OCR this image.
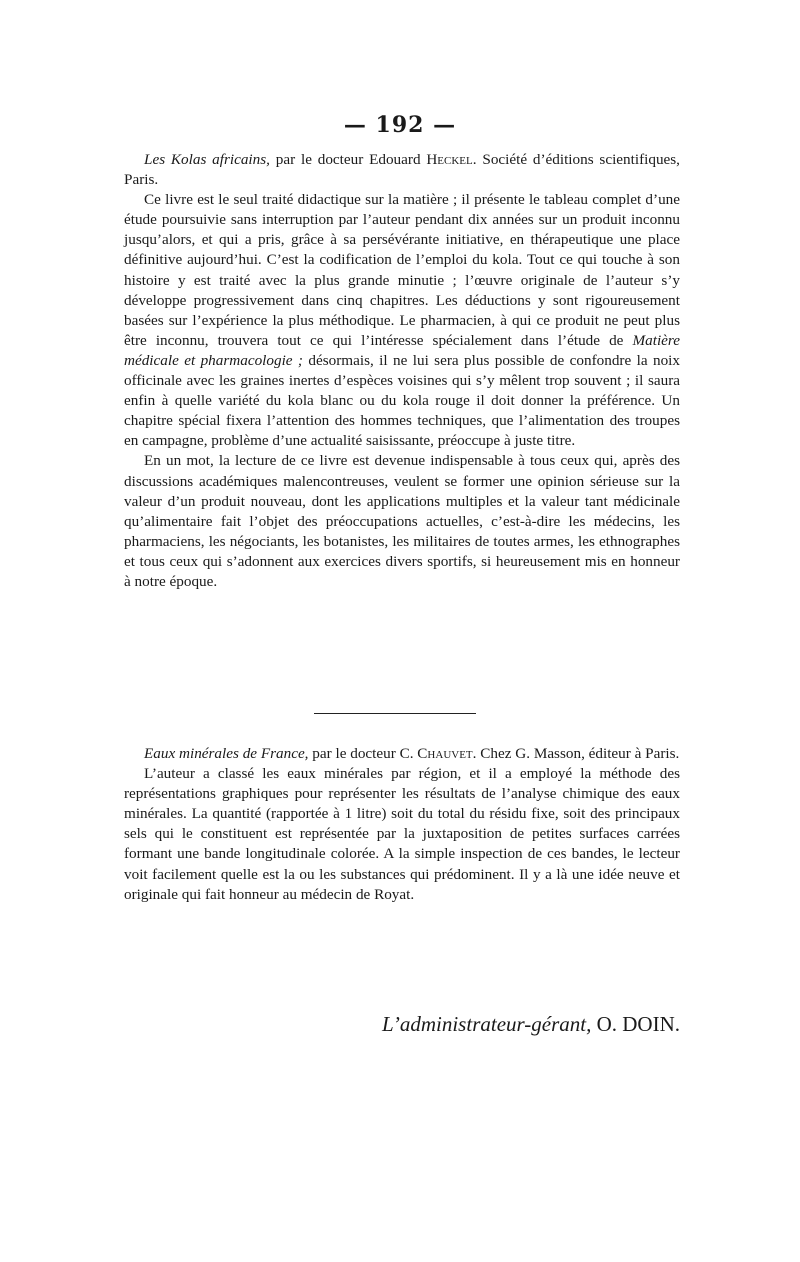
— 192 —

Les Kolas africains, par le docteur Edouard Heckel. Société d’éditions scientifiques, Paris.

Ce livre est le seul traité didactique sur la matière ; il présente le tableau complet d’une étude poursuivie sans interruption par l’auteur pendant dix années sur un produit inconnu jusqu’alors, et qui a pris, grâce à sa persévérante initiative, en thérapeutique une place définitive aujourd’hui. C’est la codification de l’emploi du kola. Tout ce qui touche à son histoire y est traité avec la plus grande minutie ; l’œuvre originale de l’auteur s’y développe progressivement dans cinq chapitres. Les déductions y sont rigoureusement basées sur l’expérience la plus méthodique. Le pharmacien, à qui ce produit ne peut plus être inconnu, trouvera tout ce qui l’intéresse spécialement dans l’étude de Matière médicale et pharmacologie ; désormais, il ne lui sera plus possible de confondre la noix officinale avec les graines inertes d’espèces voisines qui s’y mêlent trop souvent ; il saura enfin à quelle variété du kola blanc ou du kola rouge il doit donner la préférence. Un chapitre spécial fixera l’attention des hommes techniques, que l’alimentation des troupes en campagne, problème d’une actualité saisissante, préoccupe à juste titre.

En un mot, la lecture de ce livre est devenue indispensable à tous ceux qui, après des discussions académiques malencontreuses, veulent se former une opinion sérieuse sur la valeur d’un produit nouveau, dont les applications multiples et la valeur tant médicinale qu’alimentaire fait l’objet des préoccupations actuelles, c’est-à-dire les médecins, les pharmaciens, les négociants, les botanistes, les militaires de toutes armes, les ethnographes et tous ceux qui s’adonnent aux exercices divers sportifs, si heureusement mis en honneur à notre époque.

Eaux minérales de France, par le docteur C. Chauvet. Chez G. Masson, éditeur à Paris.

L’auteur a classé les eaux minérales par région, et il a employé la méthode des représentations graphiques pour représenter les résultats de l’analyse chimique des eaux minérales. La quantité (rapportée à 1 litre) soit du total du résidu fixe, soit des principaux sels qui le constituent est représentée par la juxtaposition de petites surfaces carrées formant une bande longitudinale colorée. A la simple inspection de ces bandes, le lecteur voit facilement quelle est la ou les substances qui prédominent. Il y a là une idée neuve et originale qui fait honneur au médecin de Royat.

L’administrateur-gérant, O. DOIN.
